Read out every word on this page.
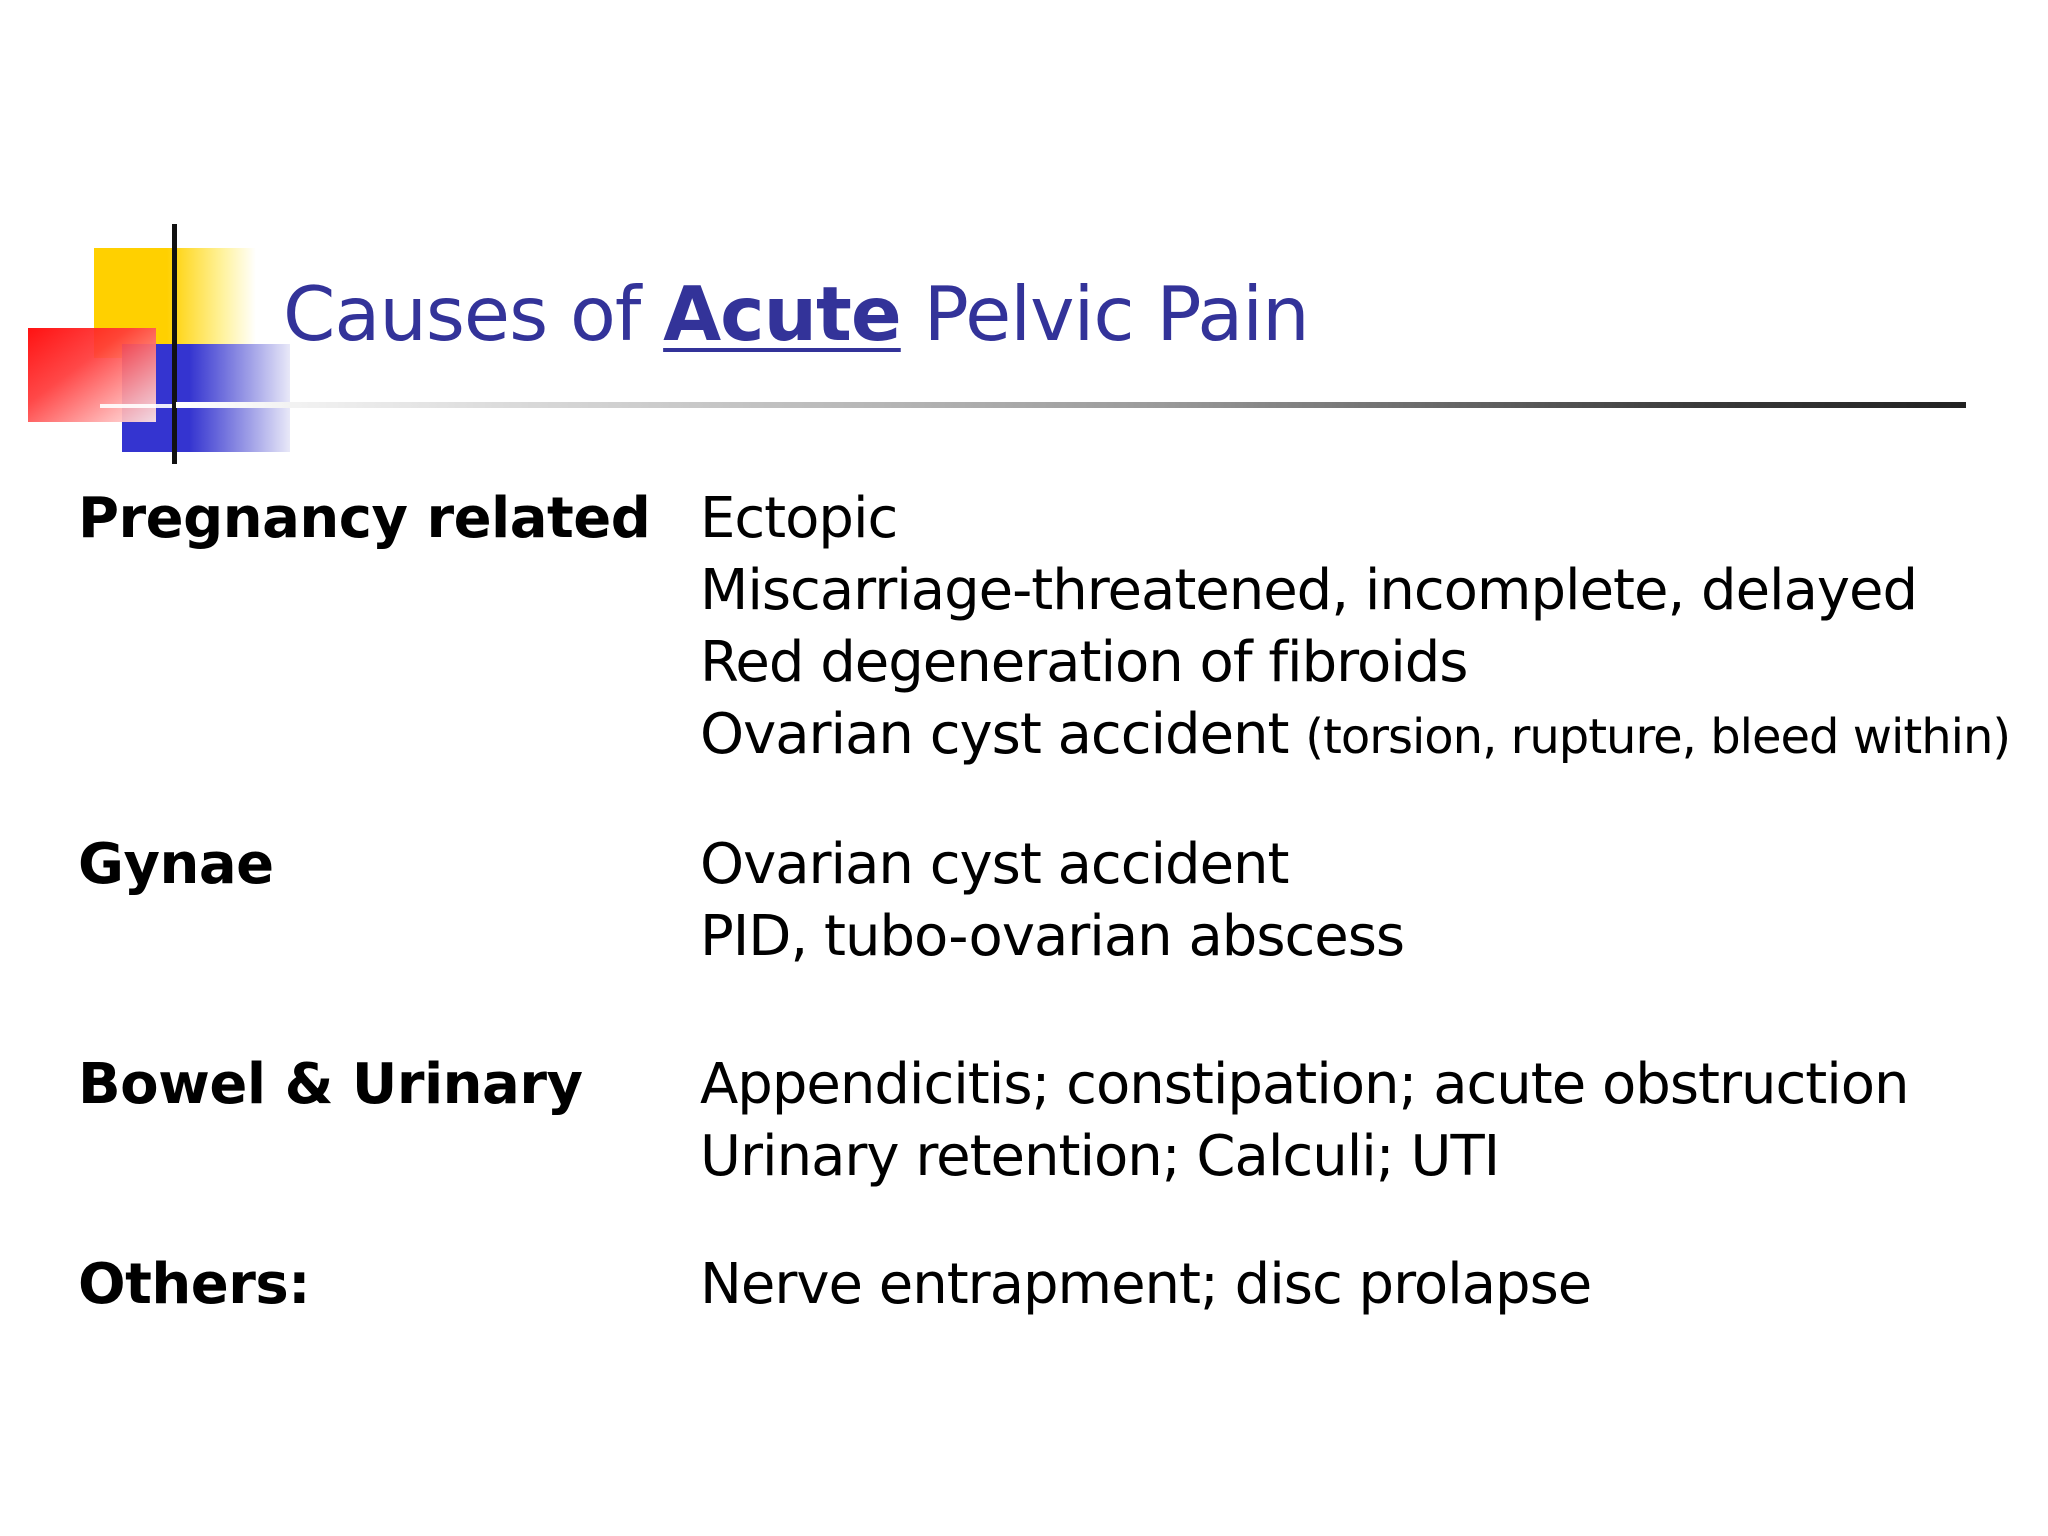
Causes of Acute Pelvic Pain
Pregnancy related Ectopic
Miscarriage-threatened, incomplete, delayed
Red degeneration of fibroids
Ovarian cyst accident (torsion, rupture, bleed within)
Gynae	Ovarian cyst accident
PID, tubo-ovarian abscess
Bowel & Urinary Appendicitis; constipation; acute obstruction
Urinary retention; Calculi; UTI
Others:	Nerve entrapment; disc prolapse
